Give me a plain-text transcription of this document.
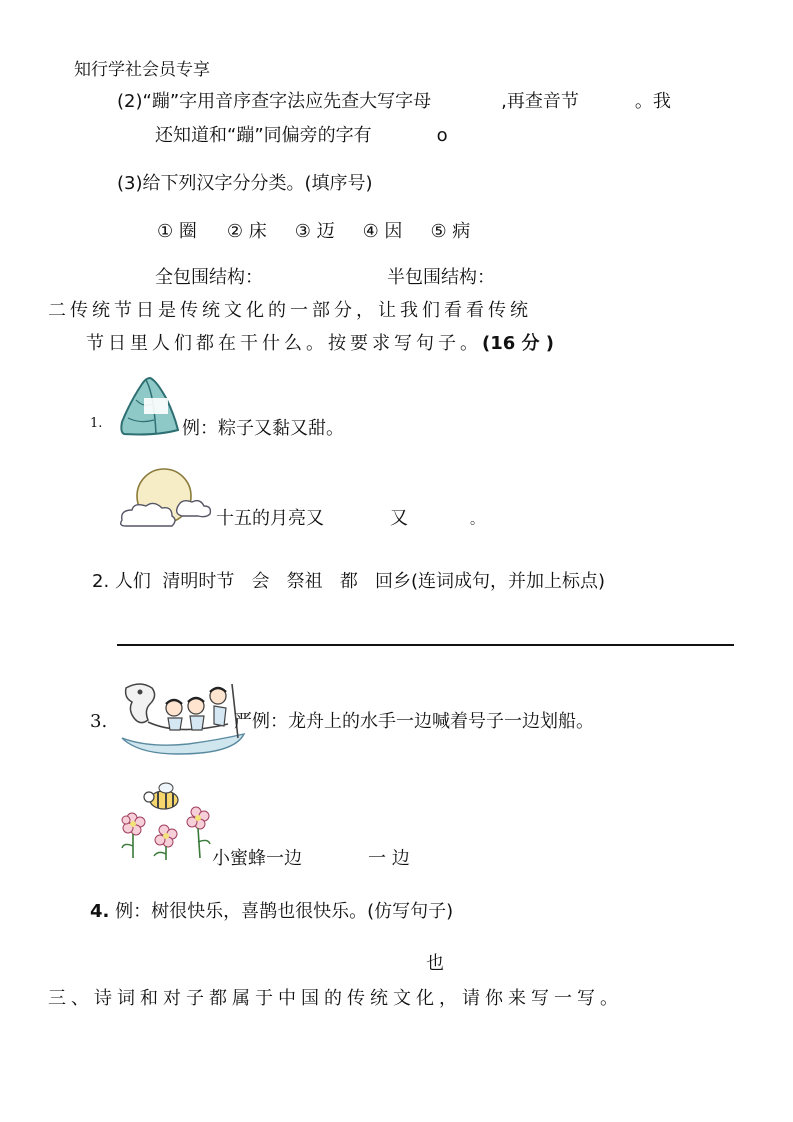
知行学社会员专享
(2)“蹦”字用音序查字法应先查大写字母	,再查音节	。我
还知道和“蹦”同偏旁的字有	o
(3)给下列汉字分分类。(填序号)
① 圈 ② 床 ③ 迈 ④ 因 ⑤ 病
全包围结构：	半包围结构：
二传统节日是传统文化的一部分，让我们看看传统
节日里人们都在干什么。按要求写句子。(16 分 )
1.	例：粽子又黏又甜。
十五的月亮又	又	。
2. 人们  清明时节   会   祭祖   都   回乡(连词成句，并加上标点)
3.	严例：龙舟上的水手一边喊着号子一边划船。
小蜜蜂一边	一 边
4. 例：树很快乐，喜鹊也很快乐。(仿写句子)
也
三、诗词和对子都属于中国的传统文化，请你来写一写。
